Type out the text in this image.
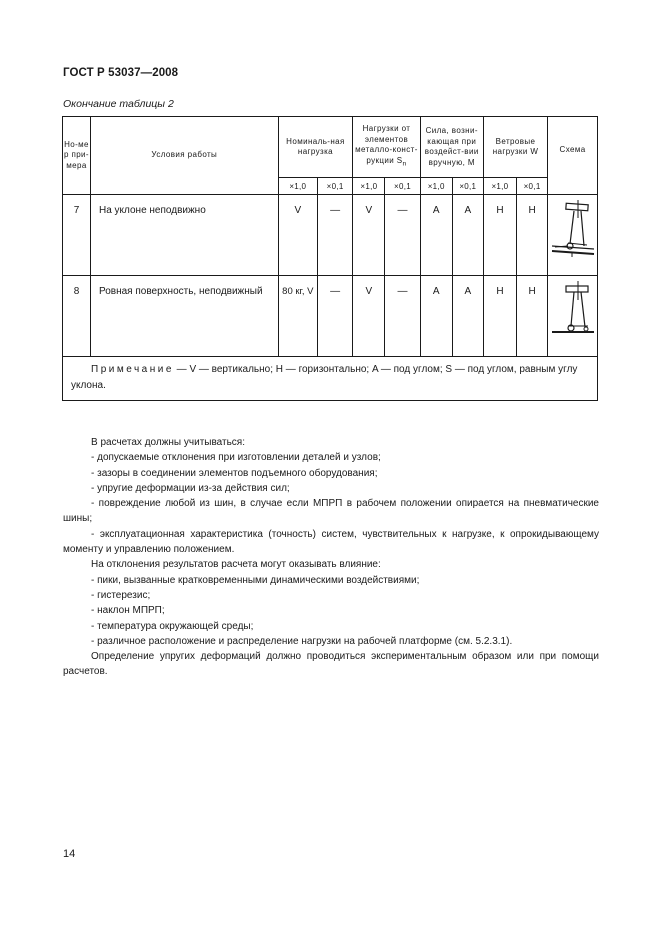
ГОСТ Р 53037—2008
Окончание таблицы 2
Но-мер при-мера	Условия работы	Номиналь-ная нагрузка		Нагрузки от элементов металло-конст-рукции $S_n$		Сила, возни-кающая при воздейст-вии вручную, M		Ветровые нагрузки W		Схема
		×1,0	×0,1	×1,0	×0,1	×1,0	×0,1	×1,0	×0,1	
7	На уклоне неподвижно	V	—	V	—	A	A	H	H	

8	Ровная поверхность, неподвижный	80 кг, V	—	V	—	A	A	H	H	

Примечание — V — вертикально; H — горизонтально; A — под углом; S — под углом, равным углу уклона.										

В расчетах должны учитываться:

- допускаемые отклонения при изготовлении деталей и узлов;

- зазоры в соединении элементов подъемного оборудования;

- упругие деформации из-за действия сил;

- повреждение любой из шин, в случае если МПРП в рабочем положении опирается на пневматические шины;

- эксплуатационная характеристика (точность) систем, чувствительных к нагрузке, к опрокидывающему моменту и управлению положением.

На отклонения результатов расчета могут оказывать влияние:

- пики, вызванные кратковременными динамическими воздействиями;

- гистерезис;

- наклон МПРП;

- температура окружающей среды;

- различное расположение и распределение нагрузки на рабочей платформе (см. 5.2.3.1).

Определение упругих деформаций должно проводиться экспериментальным образом или при помощи расчетов.

14
